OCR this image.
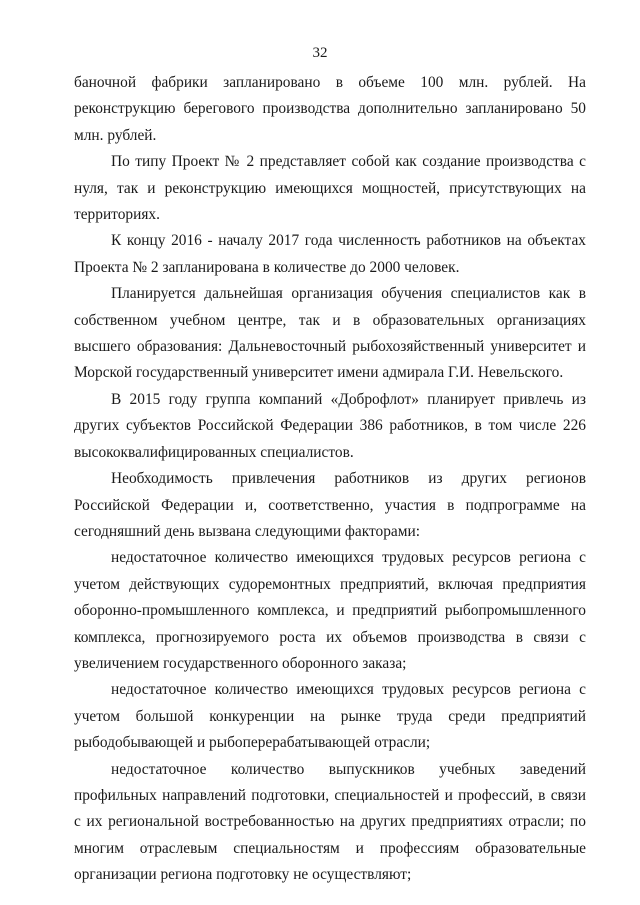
32

баночной фабрики запланировано в объеме 100 млн. рублей. На реконструкцию берегового производства дополнительно запланировано 50 млн. рублей.

По типу Проект № 2 представляет собой как создание производства с нуля, так и реконструкцию имеющихся мощностей, присутствующих на территориях.

К концу 2016 - началу 2017 года численность работников на объектах Проекта № 2 запланирована в количестве до 2000 человек.

Планируется дальнейшая организация обучения специалистов как в собственном учебном центре, так и в образовательных организациях высшего образования: Дальневосточный рыбохозяйственный университет и Морской государственный университет имени адмирала Г.И. Невельского.

В 2015 году группа компаний «Доброфлот» планирует привлечь из других субъектов Российской Федерации 386 работников, в том числе 226 высококвалифицированных специалистов.

Необходимость привлечения работников из других регионов Российской Федерации и, соответственно, участия в подпрограмме на сегодняшний день вызвана следующими факторами:

недостаточное количество имеющихся трудовых ресурсов региона с учетом действующих судоремонтных предприятий, включая предприятия оборонно-промышленного комплекса, и предприятий рыбопромышленного комплекса, прогнозируемого роста их объемов производства в связи с увеличением государственного оборонного заказа;

недостаточное количество имеющихся трудовых ресурсов региона с учетом большой конкуренции на рынке труда среди предприятий рыбодобывающей и рыбоперерабатывающей отрасли;

недостаточное количество выпускников учебных заведений профильных направлений подготовки, специальностей и профессий, в связи с их региональной востребованностью на других предприятиях отрасли; по многим отраслевым специальностям и профессиям образовательные организации региона подготовку не осуществляют;
